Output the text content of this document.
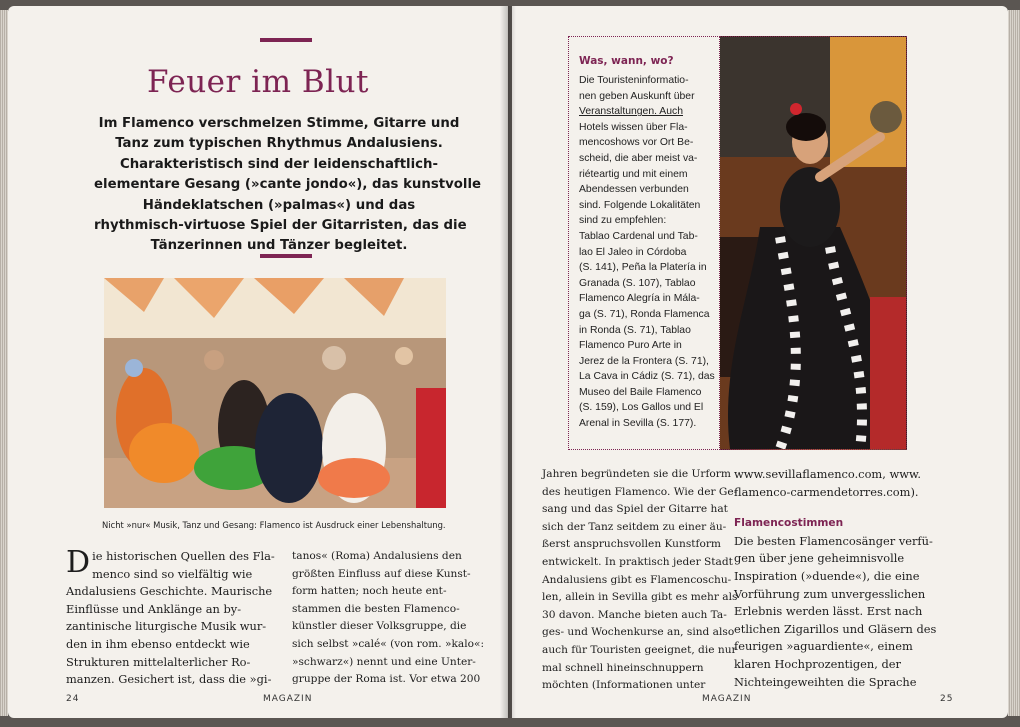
Feuer im Blut
Im Flamenco verschmelzen Stimme, Gitarre und
Tanz zum typischen Rhythmus Andalusiens.
Charakteristisch sind der leidenschaftlich-
elementare Gesang (»cante jondo«), das kunstvolle
Händeklatschen (»palmas«) und das
rhythmisch-virtuose Spiel der Gitarristen, das die
Tänzerinnen und Tänzer begleitet.
Nicht »nur« Musik, Tanz und Gesang: Flamenco ist Ausdruck einer Lebenshaltung.
Die historischen Quellen des Fla-
menco sind so vielfältig wie
Andalusiens Geschichte. Maurische
Einflüsse und Anklänge an by-
zantinische liturgische Musik wur-
den in ihm ebenso entdeckt wie
Strukturen mittelalterlicher Ro-
manzen. Gesichert ist, dass die »gi-
tanos« (Roma) Andalusiens den
größten Einfluss auf diese Kunst-
form hatten; noch heute ent-
stammen die besten Flamenco-
künstler dieser Volksgruppe, die
sich selbst »calé« (von rom. »kalo«:
»schwarz«) nennt und eine Unter-
gruppe der Roma ist. Vor etwa 200
24	MAGAZIN
Was, wann, wo?
Die Touristeninformatio-
nen geben Auskunft über
Veranstaltungen. Auch
Hotels wissen über Fla-
mencoshows vor Ort Be-
scheid, die aber meist va-
riéteartig und mit einem
Abendessen verbunden
sind. Folgende Lokalitäten
sind zu empfehlen:
Tablao Cardenal und Tab-
lao El Jaleo in Córdoba
(S. 141), Peña la Platería in
Granada (S. 107), Tablao
Flamenco Alegría in Mála-
ga (S. 71), Ronda Flamenca
in Ronda (S. 71), Tablao
Flamenco Puro Arte in
Jerez de la Frontera (S. 71),
La Cava in Cádiz (S. 71), das
Museo del Baile Flamenco
(S. 159), Los Gallos und El
Arenal in Sevilla (S. 177).
Jahren begründeten sie die Urform
des heutigen Flamenco. Wie der Ge-
sang und das Spiel der Gitarre hat
sich der Tanz seitdem zu einer äu-
ßerst anspruchsvollen Kunstform
entwickelt. In praktisch jeder Stadt
Andalusiens gibt es Flamencoschu-
len, allein in Sevilla gibt es mehr als
30 davon. Manche bieten auch Ta-
ges- und Wochenkurse an, sind also
auch für Touristen geeignet, die nur
mal schnell hineinschnuppern
möchten (Informationen unter
www.sevillaflamenco.com, www.
flamenco-carmendetorres.com).
Flamencostimmen
Die besten Flamencosänger verfü-
gen über jene geheimnisvolle
Inspiration (»duende«), die eine
Vorführung zum unvergesslichen
Erlebnis werden lässt. Erst nach
etlichen Zigarillos und Gläsern des
feurigen »aguardiente«, einem
klaren Hochprozentigen, der
Nichteingeweihten die Sprache
MAGAZIN	25
